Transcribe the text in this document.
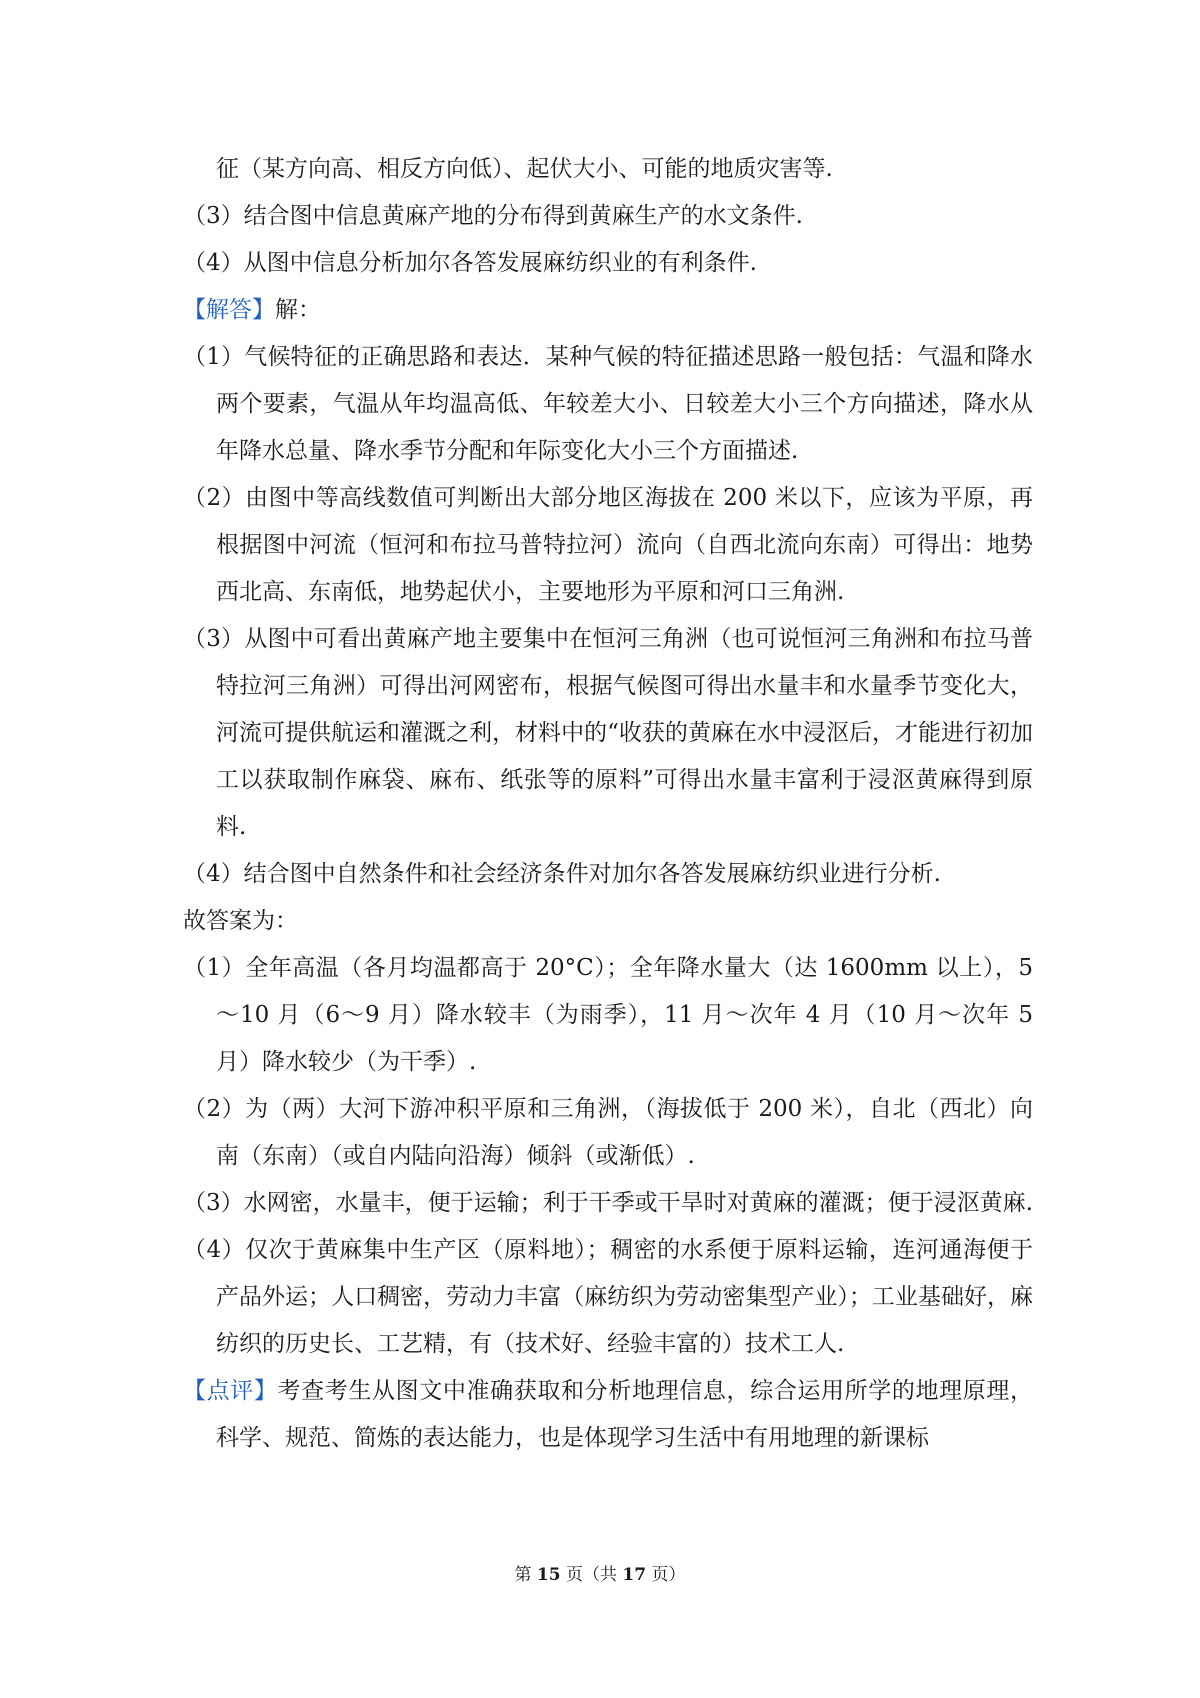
征（某方向高、相反方向低）、起伏大小、可能的地质灾害等.

（3）结合图中信息黄麻产地的分布得到黄麻生产的水文条件.

（4）从图中信息分析加尔各答发展麻纺织业的有利条件.

【解答】解：

（1）气候特征的正确思路和表达．某种气候的特征描述思路一般包括：气温和降水两个要素，气温从年均温高低、年较差大小、日较差大小三个方向描述，降水从年降水总量、降水季节分配和年际变化大小三个方面描述.

（2）由图中等高线数值可判断出大部分地区海拔在 200 米以下，应该为平原，再根据图中河流（恒河和布拉马普特拉河）流向（自西北流向东南）可得出：地势西北高、东南低，地势起伏小，主要地形为平原和河口三角洲.

（3）从图中可看出黄麻产地主要集中在恒河三角洲（也可说恒河三角洲和布拉马普特拉河三角洲）可得出河网密布，根据气候图可得出水量丰和水量季节变化大，河流可提供航运和灌溉之利，材料中的“收获的黄麻在水中浸沤后，才能进行初加工以获取制作麻袋、麻布、纸张等的原料”可得出水量丰富利于浸沤黄麻得到原料.

（4）结合图中自然条件和社会经济条件对加尔各答发展麻纺织业进行分析.

故答案为：

（1）全年高温（各月均温都高于 20°C）；全年降水量大（达 1600mm 以上），5～10 月（6～9 月）降水较丰（为雨季），11 月～次年 4 月（10 月～次年 5 月）降水较少（为干季）.

（2）为（两）大河下游冲积平原和三角洲，（海拔低于 200 米），自北（西北）向南（东南）（或自内陆向沿海）倾斜（或渐低）.

（3）水网密，水量丰，便于运输；利于干季或干旱时对黄麻的灌溉；便于浸沤黄麻.

（4）仅次于黄麻集中生产区（原料地）；稠密的水系便于原料运输，连河通海便于产品外运；人口稠密，劳动力丰富（麻纺织为劳动密集型产业）；工业基础好，麻纺织的历史长、工艺精，有（技术好、经验丰富的）技术工人.

【点评】考查考生从图文中准确获取和分析地理信息，综合运用所学的地理原理，科学、规范、简炼的表达能力，也是体现学习生活中有用地理的新课标

第 15 页（共 17 页）
